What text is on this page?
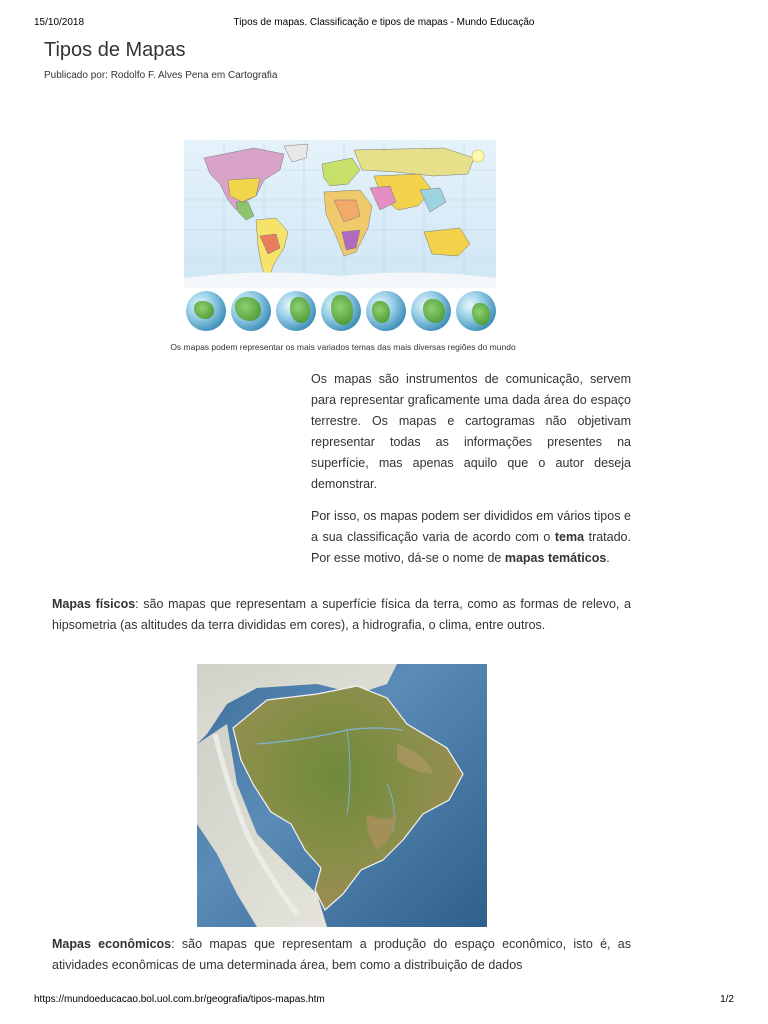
15/10/2018	Tipos de mapas. Classificação e tipos de mapas - Mundo Educação
Tipos de Mapas
Publicado por: Rodolfo F. Alves Pena em Cartografia
Os mapas podem representar os mais variados temas das mais diversas regiões do mundo

Os mapas são instrumentos de comunicação, servem para representar graficamente uma dada área do espaço terrestre. Os mapas e cartogramas não objetivam representar todas as informações presentes na superfície, mas apenas aquilo que o autor deseja demonstrar.

Por isso, os mapas podem ser divididos em vários tipos e a sua classificação varia de acordo com o tema tratado. Por esse motivo, dá-se o nome de mapas temáticos.

Mapas físicos: são mapas que representam a superfície física da terra, como as formas de relevo, a hipsometria (as altitudes da terra divididas em cores), a hidrografia, o clima, entre outros.

Mapas econômicos: são mapas que representam a produção do espaço econômico, isto é, as atividades econômicas de uma determinada área, bem como a distribuição de dados

https://mundoeducacao.bol.uol.com.br/geografia/tipos-mapas.htm	1/2
